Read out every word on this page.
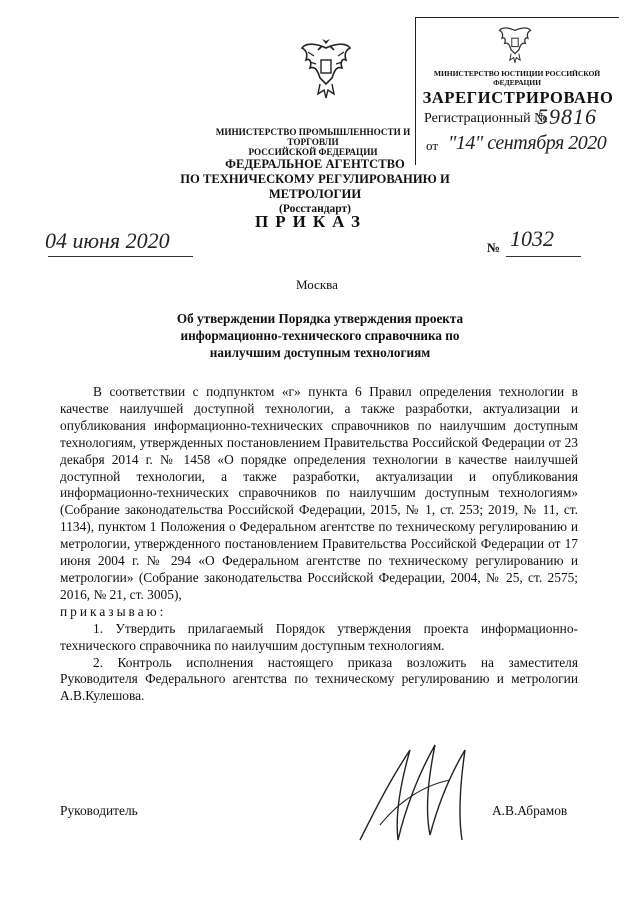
МИНИСТЕРСТВО ЮСТИЦИИ РОССИЙСКОЙ ФЕДЕРАЦИИ
ЗАРЕГИСТРИРОВАНО
Регистрационный №
59816
от "14" сентября 2020
МИНИСТЕРСТВО ПРОМЫШЛЕННОСТИ И ТОРГОВЛИ
РОССИЙСКОЙ ФЕДЕРАЦИИ
ФЕДЕРАЛЬНОЕ АГЕНТСТВО
ПО ТЕХНИЧЕСКОМУ РЕГУЛИРОВАНИЮ И МЕТРОЛОГИИ
(Росстандарт)
ПРИКАЗ
04 июня 2020	№ 1032
Москва
Об утверждении Порядка утверждения проекта
информационно-технического справочника по
наилучшим доступным технологиям

В соответствии с подпунктом «г» пункта 6 Правил определения технологии в качестве наилучшей доступной технологии, а также разработки, актуализации и опубликования информационно-технических справочников по наилучшим доступным технологиям, утвержденных постановлением Правительства Российской Федерации от 23 декабря 2014 г. № 1458 «О порядке определения технологии в качестве наилучшей доступной технологии, а также разработки, актуализации и опубликования информационно-технических справочников по наилучшим доступным технологиям» (Собрание законодательства Российской Федерации, 2015, № 1, ст. 253; 2019, № 11, ст. 1134), пунктом 1 Положения о Федеральном агентстве по техническому регулированию и метрологии, утвержденного постановлением Правительства Российской Федерации от 17 июня 2004 г. № 294 «О Федеральном агентстве по техническому регулированию и метрологии» (Собрание законодательства Российской Федерации, 2004, № 25, ст. 2575; 2016, № 21, ст. 3005),

приказываю:

1. Утвердить прилагаемый Порядок утверждения проекта информационно-технического справочника по наилучшим доступным технологиям.

2. Контроль исполнения настоящего приказа возложить на заместителя Руководителя Федерального агентства по техническому регулированию и метрологии А.В.Кулешова.

Руководитель	А.В.Абрамов
